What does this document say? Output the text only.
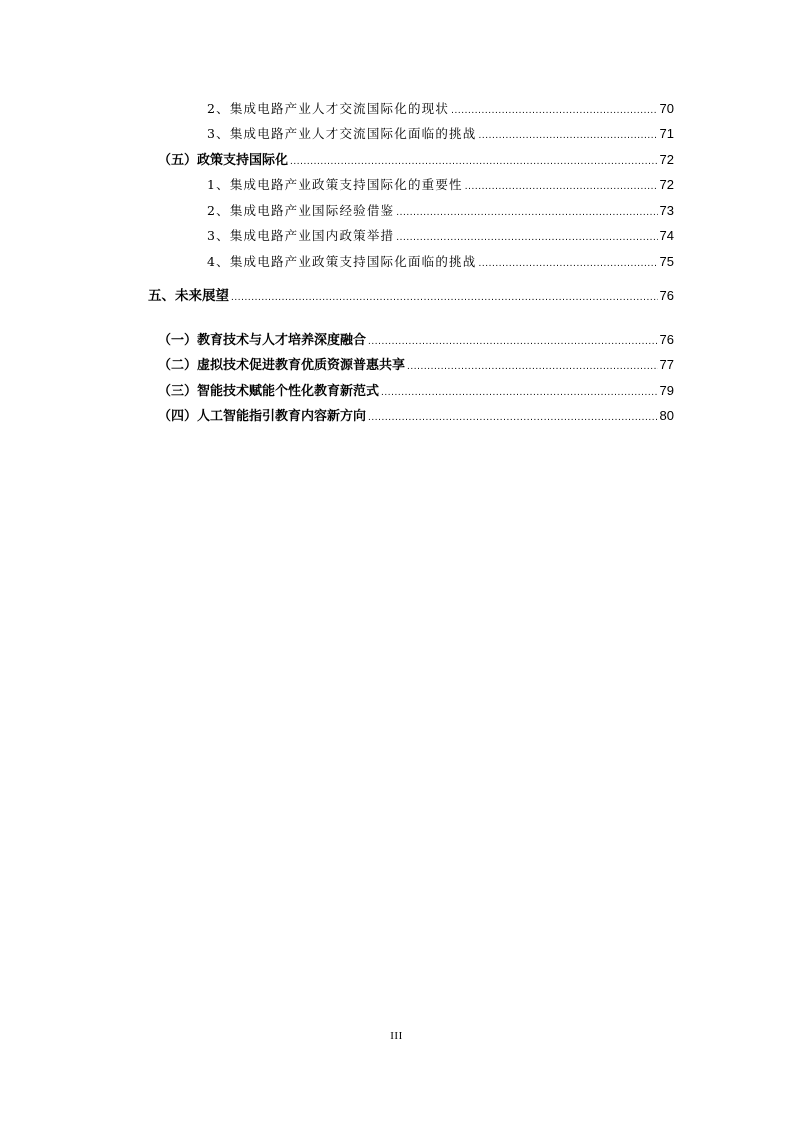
2、集成电路产业人才交流国际化的现状 .....	70
3、集成电路产业人才交流国际化面临的挑战 .....	71
（五）政策支持国际化 .....	72
1、集成电路产业政策支持国际化的重要性 .....	72
2、集成电路产业国际经验借鉴 .....	73
3、集成电路产业国内政策举措 .....	74
4、集成电路产业政策支持国际化面临的挑战 .....	75
五、未来展望 .....	76
（一）教育技术与人才培养深度融合 .....	76
（二）虚拟技术促进教育优质资源普惠共享 .....	77
（三）智能技术赋能个性化教育新范式 .....	79
（四）人工智能指引教育内容新方向 .....	80
III
